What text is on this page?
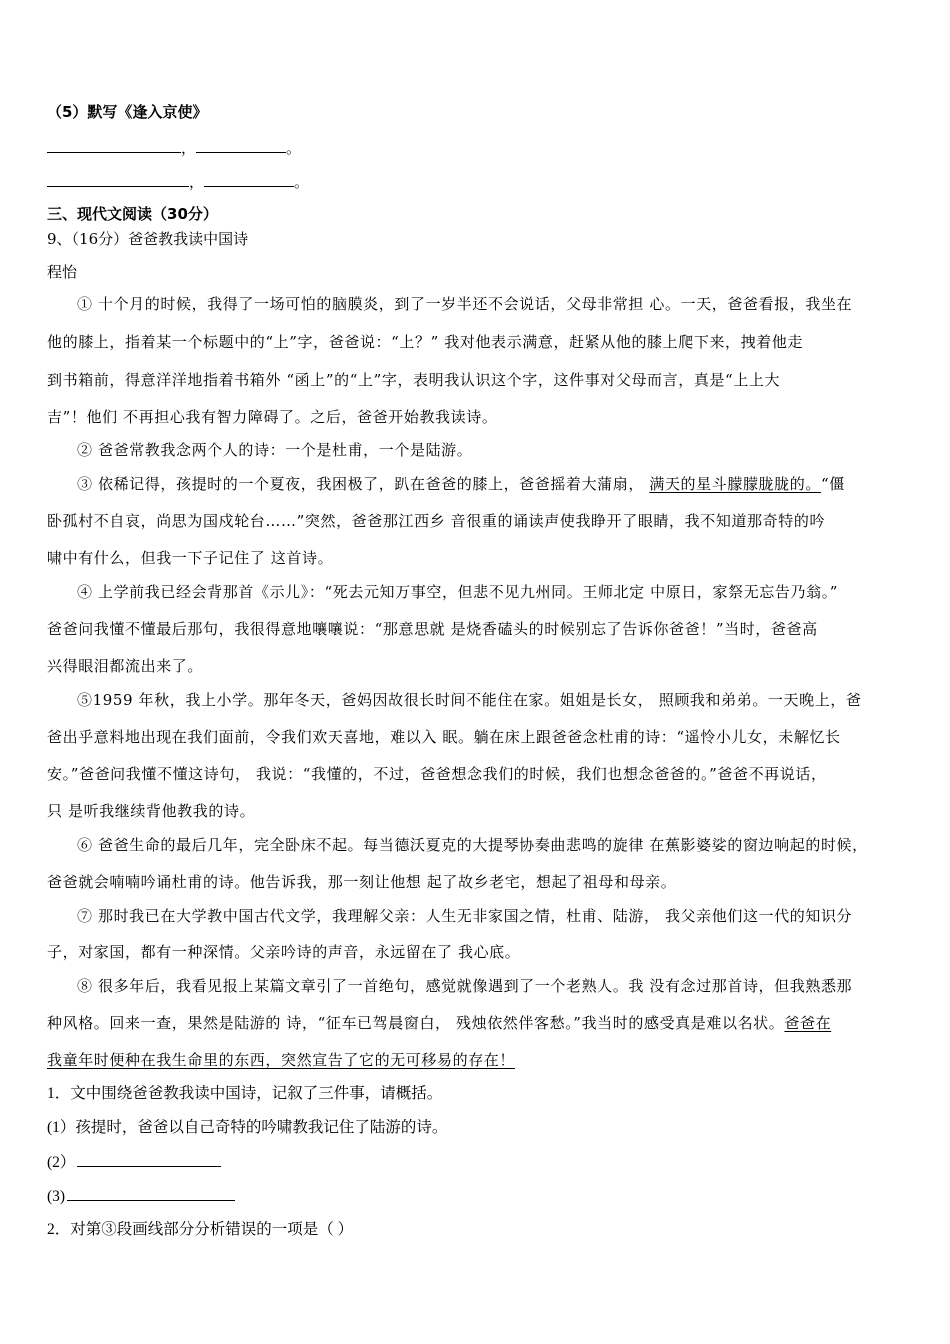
（5）默写《逢入京使》
，	。
，	。
三、现代文阅读（30分）
9、（16分）爸爸教我读中国诗
程怡
① 十个月的时候，我得了一场可怕的脑膜炎，到了一岁半还不会说话，父母非常担 心。一天，爸爸看报，我坐在
他的膝上，指着某一个标题中的“上”字，爸爸说：“上？” 我对他表示满意，赶紧从他的膝上爬下来，拽着他走
到书箱前，得意洋洋地指着书箱外 “函上”的“上”字，表明我认识这个字，这件事对父母而言，真是“上上大
吉”！他们 不再担心我有智力障碍了。之后，爸爸开始教我读诗。
② 爸爸常教我念两个人的诗：一个是杜甫，一个是陆游。
③ 依稀记得，孩提时的一个夏夜，我困极了，趴在爸爸的膝上，爸爸摇着大蒲扇， 满天的星斗朦朦胧胧的。“僵
卧孤村不自哀，尚思为国戍轮台……”突然，爸爸那江西乡 音很重的诵读声使我睁开了眼睛，我不知道那奇特的吟
啸中有什么，但我一下子记住了 这首诗。
④ 上学前我已经会背那首《示儿》：“死去元知万事空，但悲不见九州同。王师北定 中原日，家祭无忘告乃翁。”
爸爸问我懂不懂最后那句，我很得意地嚷嚷说：“那意思就 是烧香磕头的时候别忘了告诉你爸爸！”当时，爸爸高
兴得眼泪都流出来了。
⑤1959 年秋，我上小学。那年冬天，爸妈因故很长时间不能住在家。姐姐是长女， 照顾我和弟弟。一天晚上，爸
爸出乎意料地出现在我们面前，令我们欢天喜地，难以入 眠。躺在床上跟爸爸念杜甫的诗：“遥怜小儿女，未解忆长
安。”爸爸问我懂不懂这诗句， 我说：“我懂的，不过，爸爸想念我们的时候，我们也想念爸爸的。”爸爸不再说话，
只 是听我继续背他教我的诗。
⑥ 爸爸生命的最后几年，完全卧床不起。每当德沃夏克的大提琴协奏曲悲鸣的旋律 在蕉影婆娑的窗边响起的时候，
爸爸就会喃喃吟诵杜甫的诗。他告诉我，那一刻让他想 起了故乡老宅，想起了祖母和母亲。
⑦ 那时我已在大学教中国古代文学，我理解父亲：人生无非家国之情，杜甫、陆游， 我父亲他们这一代的知识分
子，对家国，都有一种深情。父亲吟诗的声音，永远留在了 我心底。
⑧ 很多年后，我看见报上某篇文章引了一首绝句，感觉就像遇到了一个老熟人。我 没有念过那首诗，但我熟悉那
种风格。回来一查，果然是陆游的 诗，“征车已驾晨窗白， 残烛依然伴客愁。”我当时的感受真是难以名状。爸爸在
我童年时便种在我生命里的东西，突然宣告了它的无可移易的存在！
1．文中围绕爸爸教我读中国诗，记叙了三件事，请概括。
(1）孩提时，爸爸以自己奇特的吟啸教我记住了陆游的诗。
(2）
(3)
2．对第③段画线部分分析错误的一项是（ ）
